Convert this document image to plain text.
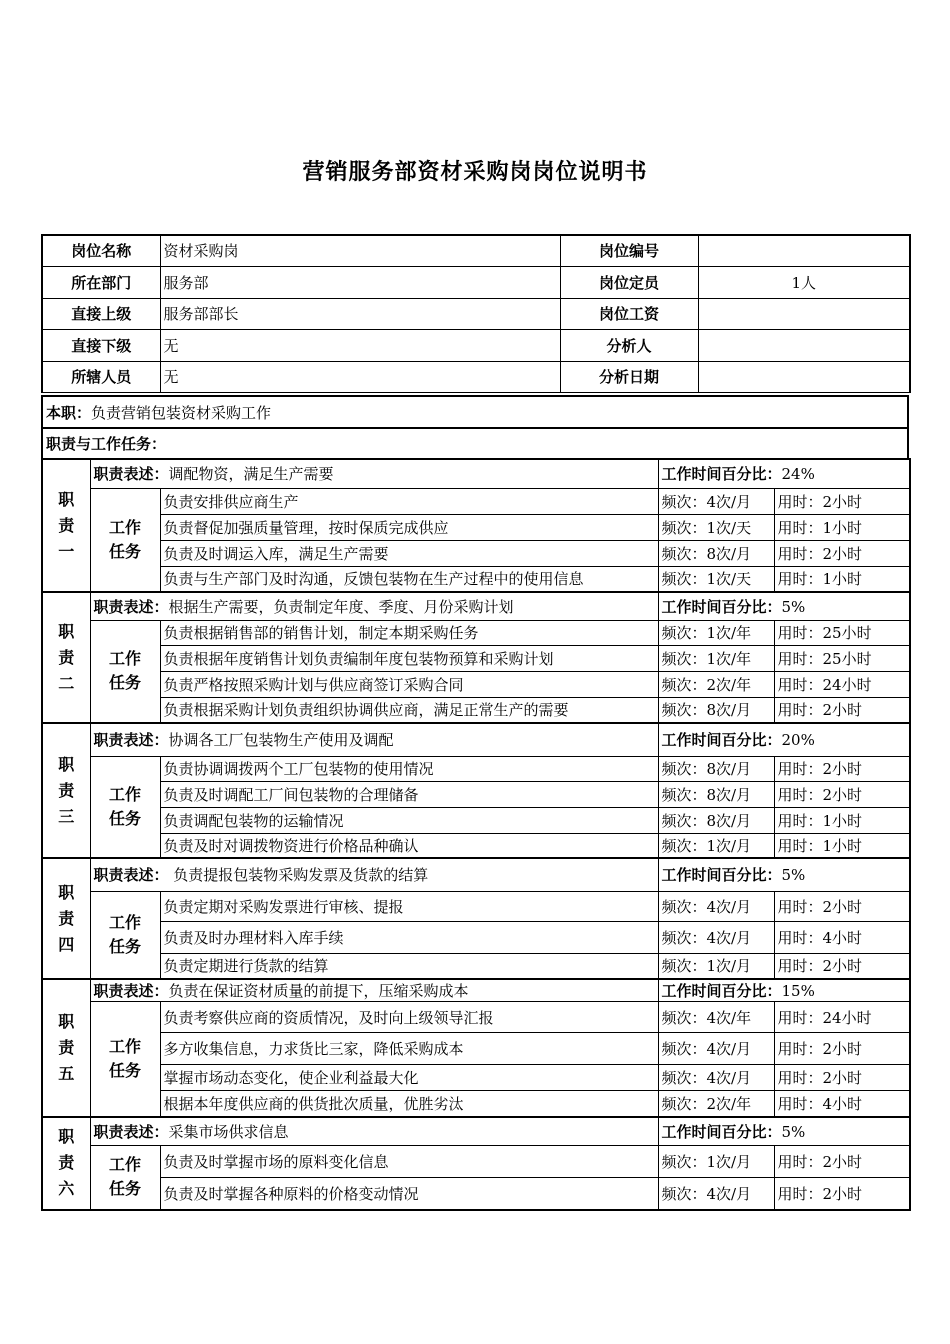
营销服务部资材采购岗岗位说明书
岗位名称	资材采购岗	岗位编号	
所在部门	服务部	岗位定员	1人
直接上级	服务部部长	岗位工资	
直接下级	无	分析人	
所辖人员	无	分析日期	
本职：负责营销包装资材采购工作
职责与工作任务：
职责一	职责表述：调配物资，满足生产需要		工作时间百分比：24%	

	工作任务	负责安排供应商生产	频次：4次/月	用时：2小时
		负责督促加强质量管理，按时保质完成供应	频次：1次/天	用时：1小时
		负责及时调运入库，满足生产需要	频次：8次/月	用时：2小时
		负责与生产部门及时沟通，反馈包装物在生产过程中的使用信息	频次：1次/天	用时：1小时

职责二	职责表述：根据生产需要，负责制定年度、季度、月份采购计划		工作时间百分比：5%	

	工作任务	负责根据销售部的销售计划，制定本期采购任务	频次：1次/年	用时：25小时
		负责根据年度销售计划负责编制年度包装物预算和采购计划	频次：1次/年	用时：25小时
		负责严格按照采购计划与供应商签订采购合同	频次：2次/年	用时：24小时
		负责根据采购计划负责组织协调供应商，满足正常生产的需要	频次：8次/月	用时：2小时

职责三	职责表述：协调各工厂包装物生产使用及调配		工作时间百分比：20%	

	工作任务	负责协调调拨两个工厂包装物的使用情况	频次：8次/月	用时：2小时
		负责及时调配工厂间包装物的合理储备	频次：8次/月	用时：2小时
		负责调配包装物的运输情况	频次：8次/月	用时：1小时
		负责及时对调拨物资进行价格品种确认	频次：1次/月	用时：1小时

职责四	职责表述： 负责提报包装物采购发票及货款的结算		工作时间百分比：5%	

	工作任务	负责定期对采购发票进行审核、提报	频次：4次/月	用时：2小时
		负责及时办理材料入库手续	频次：4次/月	用时：4小时
		负责定期进行货款的结算	频次：1次/月	用时：2小时

职责五	职责表述：负责在保证资材质量的前提下，压缩采购成本		工作时间百分比：15%	

	工作任务	负责考察供应商的资质情况，及时向上级领导汇报	频次：4次/年	用时：24小时
		多方收集信息，力求货比三家，降低采购成本	频次：4次/月	用时：2小时
		掌握市场动态变化，使企业利益最大化	频次：4次/月	用时：2小时
		根据本年度供应商的供货批次质量，优胜劣汰	频次：2次/年	用时：4小时

职责六	职责表述：采集市场供求信息		工作时间百分比：5%	

	工作任务	负责及时掌握市场的原料变化信息	频次：1次/月	用时：2小时
		负责及时掌握各种原料的价格变动情况	频次：4次/月	用时：2小时
